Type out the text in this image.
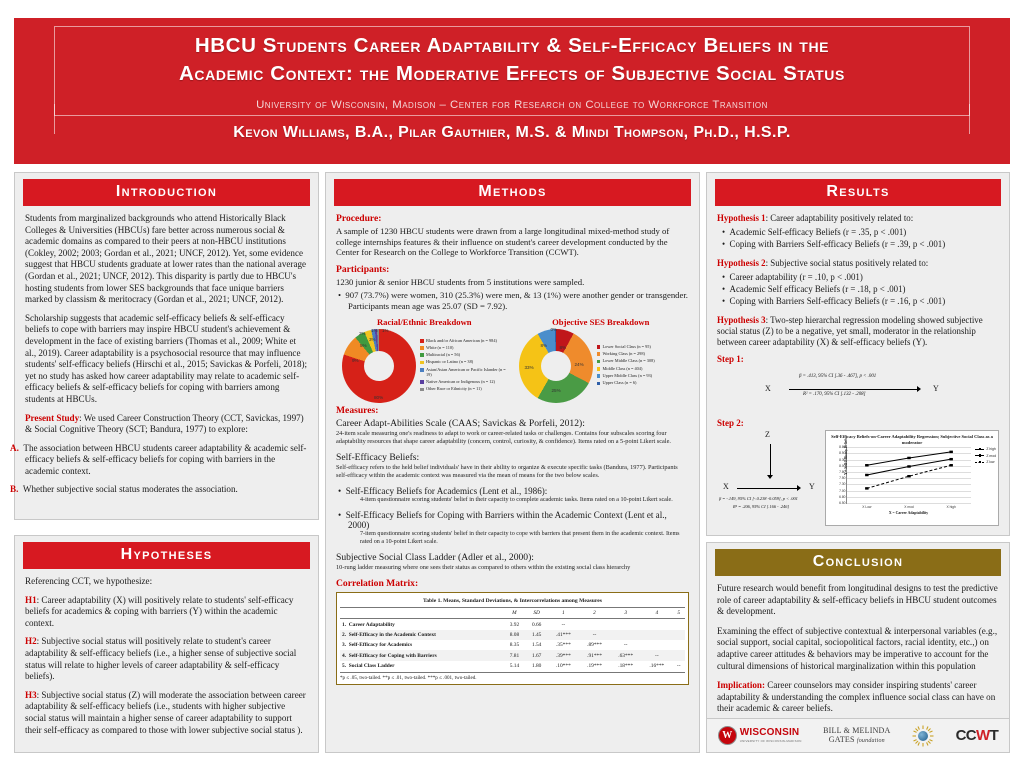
HBCU Students Career Adaptability & Self-Efficacy Beliefs in the
Academic Context: the Moderative Effects of Subjective Social Status
University of Wisconsin, Madison – Center for Research on College to Workforce Transition
Kevon Williams, B.A., Pilar Gauthier, M.S. & Mindi Thompson, Ph.D., H.S.P.
Introduction

Students from marginalized backgrounds who attend Historically Black Colleges & Universities (HBCUs) fare better across numerous social & academic domains as compared to their peers at non-HBCU institutions (Cokley, 2002; 2003; Gordan et al., 2021; UNCF, 2012). Yet, some evidence suggest that HBCU students graduate at lower rates than the national average (Gordan et al., 2021; UNCF, 2012). This disparity is partly due to HBCU's hosting students from lower SES backgrounds that face unique barriers marked by classism & meritocracy (Gordan et al., 2021; UNCF, 2012).

Scholarship suggests that academic self-efficacy beliefs & self-efficacy beliefs to cope with barriers may inspire HBCU student's achievement & development in the face of existing barriers (Thomas et al., 2009; White et al., 2019). Career adaptability is a psychosocial resource that may influence students' self-efficacy beliefs (Hirschi et al., 2015; Savickas & Porfeli, 2018); yet no study has asked how career adaptability may relate to academic self-efficacy beliefs & self-efficacy beliefs for coping with barriers among students at HBCUs.

Present Study: We used Career Construction Theory (CCT, Savickas, 1997) & Social Cognitive Theory (SCT; Bandura, 1977) to explore:

A. The association between HBCU students career adaptability & academic self-efficacy beliefs & self-efficacy beliefs for coping with barriers in the academic context.

B. Whether subjective social status moderates the association.

Hypotheses

Referencing CCT, we hypothesize:

H1: Career adaptability (X) will positively relate to students' self-efficacy beliefs for academics & coping with barriers (Y) within the academic context.

H2: Subjective social status will positively relate to student's career adaptability & self-efficacy beliefs (i.e., a higher sense of subjective social status will relate to higher levels of career adaptability & self-efficacy beliefs).

H3: Subjective social status (Z) will moderate the association between career adaptability & self-efficacy beliefs (i.e., students with higher subjective social status will maintain a higher sense of career adaptability to support their self-efficacy as compared to those with lower subjective social status ).

Methods
Procedure:

A sample of 1230 HBCU students were drawn from a large longitudinal mixed-method study of college internships features & their influence on student's career development conducted by the Center for Research on the College to Workforce Transition (CCWT).

Participants:

1230 junior & senior HBCU students from 5 institutions were sampled.

•  907 (73.7%) were women, 310 (25.3%) were men, & 13 (1%) were another gender or transgender. Participants mean age was 25.07 (SD = 7.92).

Racial/Ethnic Breakdown
80%
9%
5%
3%
2%
1% 1%
Black and/or African American (n = 984)
White (n = 110)
Multiracial (n = 56)
Hispanic or Latino (n = 38)
Asian/Asian American or Pacific Islander (n = 19)
Native American or Indigenous (n = 12)
Other Race or Ethnicity (n = 11)
Objective SES Breakdown
8%
24%
25%
33%
8%
0%
Lower Social Class (n = 95)
Working Class (n = 298)
Lower Middle Class (n = 308)
Middle Class (n = 404)
Upper Middle Class (n = 93)
Upper Class (n = 6)
Measures:
Career Adapt-Abilities Scale (CAAS; Savickas & Porfeli, 2012):
24-item scale measuring one's readiness to adapt to work or career-related tasks or challenges. Contains four subscales scoring four adaptability resources that shape career adaptability (concern, control, curiosity, & confidence). Items rated on a 5-point Likert scale.
Self-Efficacy Beliefs:
Self-efficacy refers to the held belief individuals' have in their ability to organize & execute specific tasks (Bandura, 1977). Participants self-efficacy within the academic context was measured via the mean of means for the two below scales.
•  Self-Efficacy Beliefs for Academics (Lent et al., 1986):
4-item questionnaire scoring students' belief in their capacity to complete academic tasks. Items rated on a 10-point Likert scale.
•  Self-Efficacy Beliefs for Coping with Barriers within the Academic Context (Lent et al., 2000)
7-item questionnaire scoring students' belief in their capacity to cope with barriers that present them in the academic context. Items rated on a 10-point Likert scale.
Subjective Social Class Ladder (Adler et al., 2000):
10-rung ladder measuring where one sees their status as compared to others within the existing social class hierarchy
Correlation Matrix:
Table 1. Means, Standard Deviations, & Intercorrelations among Measures
	M	SD	1	2	3	4	5
1. Career Adaptability	3.92	0.66	--				
2. Self-Efficacy in the Academic Context	8.08	1.45	.41***	--			
3. Self-Efficacy for Academics	8.35	1.54	.35***	.89***	--		
4. Self-Efficacy for Coping with Barriers	7.81	1.67	.39***	.91***	.63***	--	
5. Social Class Ladder	5.14	1.80	.10***	.19***	.18***	.16***	--
*p ≤ .05, two-tailed. **p ≤ .01, two-tailed. ***p ≤ .001, two-tailed.
Results

Hypothesis 1: Career adaptability positively related to:

•  Academic Self-efficacy Beliefs (r = .35, p < .001)

•  Coping with Barriers Self-efficacy Beliefs (r = .39, p < .001)

Hypothesis 2: Subjective social status positively related to:

•  Career adaptability (r = .10, p < .001)

•  Academic Self efficacy Beliefs (r = .18, p < .001)

•  Coping with Barriers Self-efficacy Beliefs (r = .16, p < .001)

Hypothesis 3: Two-step hierarchal regression modeling showed subjective social status (Z) to be a negative, yet small, moderator in the relationship between career adaptability (X) & self-efficacy beliefs (Y).

Step 1:
X
β = .413, 95% CI [.36 - .467], p < .001
R² = .170, 95% CI [.132 - .208]
Y
Step 2:
Z
X	Y
β = -.149, 95% CI [-.0.238 -0.059], p < .001
R² = .206, 95% CI [.166 - .246]
Self-Efficacy Beliefs-on-Career Adaptability Regression; Subjective Social Class as a moderator
8.80
8.50
8.30
8.00
7.80
7.50
7.30
7.00
6.80
6.50
Y = Self-Efficacy Beliefs
X Low	X mod	X high
X = Career Adaptability
Z high
Z mod
Z low
Conclusion

Future research would benefit from longitudinal designs to test the predictive role of career adaptability & self-efficacy beliefs in HBCU student outcomes & development.

Examining the effect of subjective contextual & interpersonal variables (e.g., social support, social capital, sociopolitical factors, racial identity, etc.,) on adaptive career attitudes & behaviors may be imperative to account for the cultural dimensions of historical marginalization within this population

Implication: Career counselors may consider inspiring students' career adaptability & understanding the complex influence social class can have on their academic & career beliefs.

W WISCONSIN
UNIVERSITY OF WISCONSIN-MADISON
BILL & MELINDA
GATES foundation	CCWT
